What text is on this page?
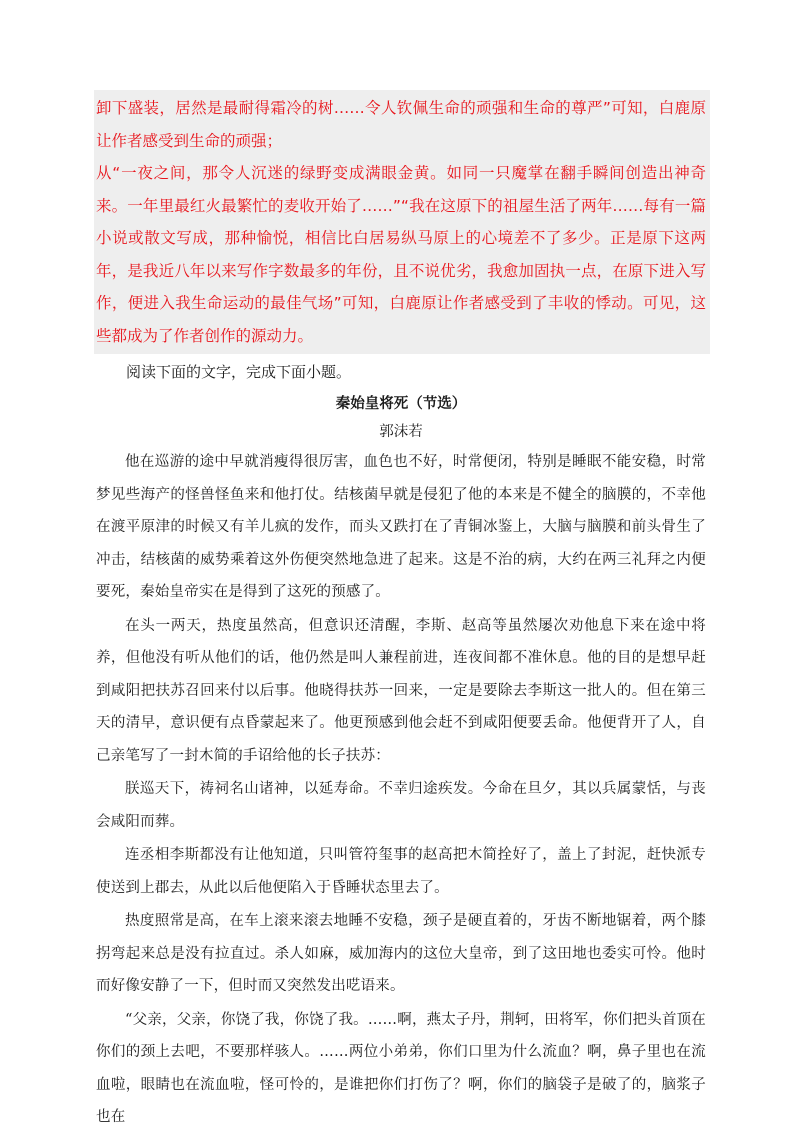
卸下盛装，居然是最耐得霜冷的树……令人钦佩生命的顽强和生命的尊严”可知，白鹿原让作者感受到生命的顽强；

从“一夜之间，那令人沉迷的绿野变成满眼金黄。如同一只魔掌在翻手瞬间创造出神奇来。一年里最红火最繁忙的麦收开始了……”“我在这原下的祖屋生活了两年……每有一篇小说或散文写成，那种愉悦，相信比白居易纵马原上的心境差不了多少。正是原下这两年，是我近八年以来写作字数最多的年份，且不说优劣，我愈加固执一点，在原下进入写作，便进入我生命运动的最佳气场”可知，白鹿原让作者感受到了丰收的悸动。可见，这些都成为了作者创作的源动力。

阅读下面的文字，完成下面小题。

秦始皇将死（节选）

郭沫若

他在巡游的途中早就消瘦得很厉害，血色也不好，时常便闭，特别是睡眠不能安稳，时常梦见些海产的怪兽怪鱼来和他打仗。结核菌早就是侵犯了他的本来是不健全的脑膜的，不幸他在渡平原津的时候又有羊儿疯的发作，而头又跌打在了青铜冰鉴上，大脑与脑膜和前头骨生了冲击，结核菌的威势乘着这外伤便突然地急进了起来。这是不治的病，大约在两三礼拜之内便要死，秦始皇帝实在是得到了这死的预感了。

在头一两天，热度虽然高，但意识还清醒，李斯、赵高等虽然屡次劝他息下来在途中将养，但他没有听从他们的话，他仍然是叫人兼程前进，连夜间都不准休息。他的目的是想早赶到咸阳把扶苏召回来付以后事。他晓得扶苏一回来，一定是要除去李斯这一批人的。但在第三天的清早，意识便有点昏蒙起来了。他更预感到他会赶不到咸阳便要丢命。他便背开了人，自己亲笔写了一封木简的手诏给他的长子扶苏：

朕巡天下，祷祠名山诸神，以延寿命。不幸归途疾发。今命在旦夕，其以兵属蒙恬，与丧会咸阳而葬。

连丞相李斯都没有让他知道，只叫管符玺事的赵高把木简拴好了，盖上了封泥，赶快派专使送到上郡去，从此以后他便陷入于昏睡状态里去了。

热度照常是高，在车上滚来滚去地睡不安稳，颈子是硬直着的，牙齿不断地锯着，两个膝拐弯起来总是没有拉直过。杀人如麻，威加海内的这位大皇帝，到了这田地也委实可怜。他时而好像安静了一下，但时而又突然发出呓语来。

“父亲，父亲，你饶了我，你饶了我。……啊，燕太子丹，荆轲，田将军，你们把头首顶在你们的颈上去吧，不要那样骇人。……两位小弟弟，你们口里为什么流血？啊，鼻子里也在流血啦，眼睛也在流血啦，怪可怜的，是谁把你们打伤了？啊，你们的脑袋子是破了的，脑浆子也在
